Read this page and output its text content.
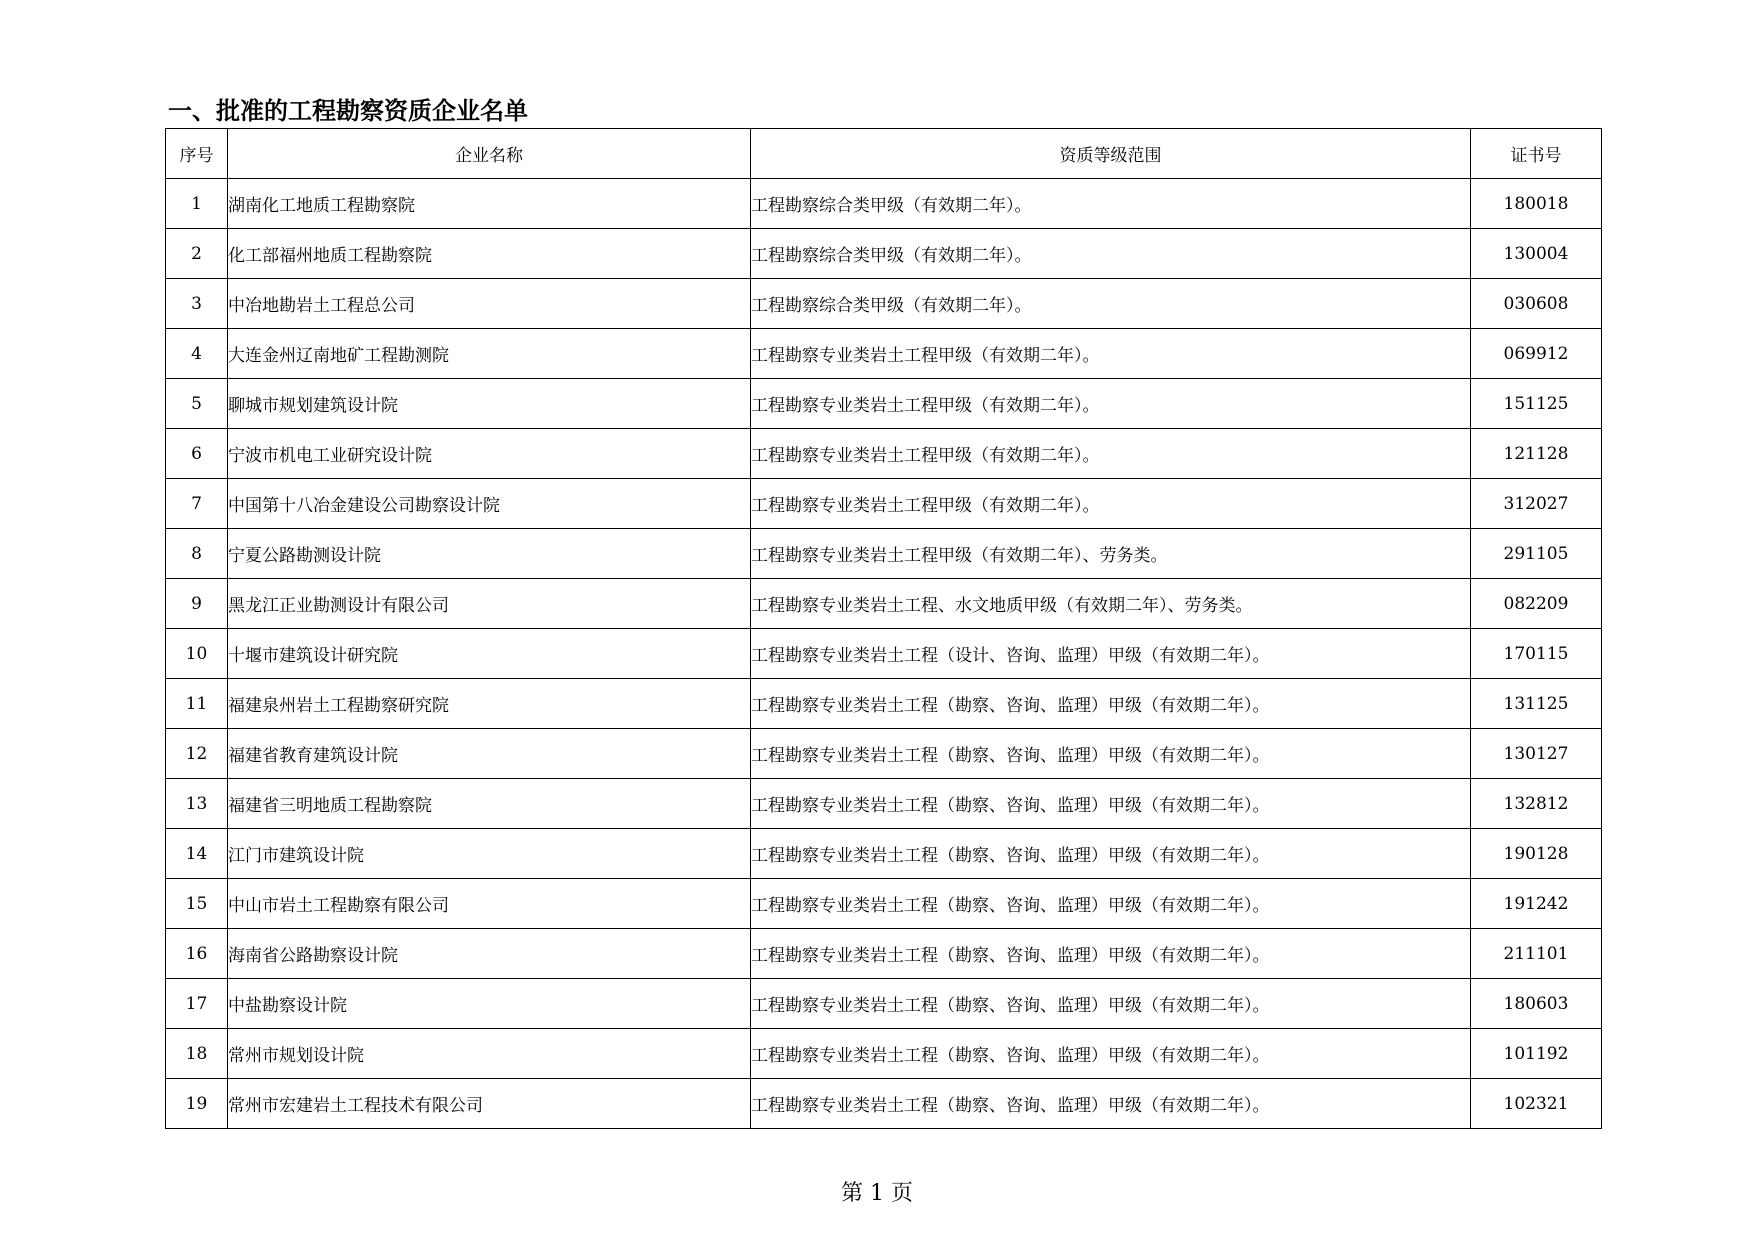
一、批准的工程勘察资质企业名单
序号	企业名称	资质等级范围	证书号
1	湖南化工地质工程勘察院	工程勘察综合类甲级（有效期二年）。	180018
2	化工部福州地质工程勘察院	工程勘察综合类甲级（有效期二年）。	130004
3	中冶地勘岩土工程总公司	工程勘察综合类甲级（有效期二年）。	030608
4	大连金州辽南地矿工程勘测院	工程勘察专业类岩土工程甲级（有效期二年）。	069912
5	聊城市规划建筑设计院	工程勘察专业类岩土工程甲级（有效期二年）。	151125
6	宁波市机电工业研究设计院	工程勘察专业类岩土工程甲级（有效期二年）。	121128
7	中国第十八冶金建设公司勘察设计院	工程勘察专业类岩土工程甲级（有效期二年）。	312027
8	宁夏公路勘测设计院	工程勘察专业类岩土工程甲级（有效期二年）、劳务类。	291105
9	黑龙江正业勘测设计有限公司	工程勘察专业类岩土工程、水文地质甲级（有效期二年）、劳务类。	082209
10	十堰市建筑设计研究院	工程勘察专业类岩土工程（设计、咨询、监理）甲级（有效期二年）。	170115
11	福建泉州岩土工程勘察研究院	工程勘察专业类岩土工程（勘察、咨询、监理）甲级（有效期二年）。	131125
12	福建省教育建筑设计院	工程勘察专业类岩土工程（勘察、咨询、监理）甲级（有效期二年）。	130127
13	福建省三明地质工程勘察院	工程勘察专业类岩土工程（勘察、咨询、监理）甲级（有效期二年）。	132812
14	江门市建筑设计院	工程勘察专业类岩土工程（勘察、咨询、监理）甲级（有效期二年）。	190128
15	中山市岩土工程勘察有限公司	工程勘察专业类岩土工程（勘察、咨询、监理）甲级（有效期二年）。	191242
16	海南省公路勘察设计院	工程勘察专业类岩土工程（勘察、咨询、监理）甲级（有效期二年）。	211101
17	中盐勘察设计院	工程勘察专业类岩土工程（勘察、咨询、监理）甲级（有效期二年）。	180603
18	常州市规划设计院	工程勘察专业类岩土工程（勘察、咨询、监理）甲级（有效期二年）。	101192
19	常州市宏建岩土工程技术有限公司	工程勘察专业类岩土工程（勘察、咨询、监理）甲级（有效期二年）。	102321
第 1 页
